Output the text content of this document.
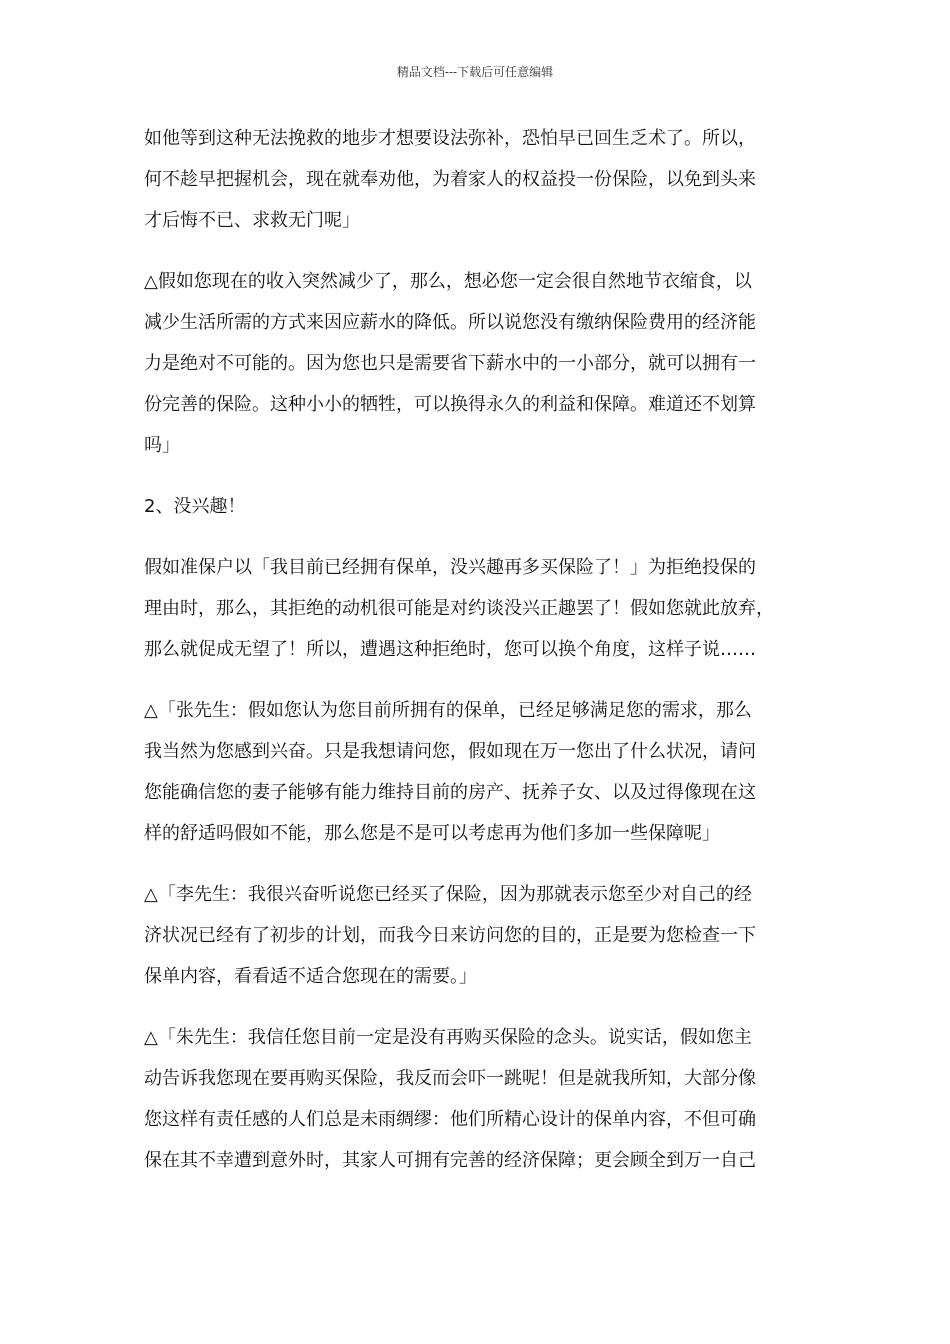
精品文档---下载后可任意编辑
如他等到这种无法挽救的地步才想要设法弥补，恐怕早已回生乏术了。所以，
何不趁早把握机会，现在就奉劝他，为着家人的权益投一份保险，以免到头来
才后悔不已、求救无门呢」
△假如您现在的收入突然减少了，那么，想必您一定会很自然地节衣缩食，以
减少生活所需的方式来因应薪水的降低。所以说您没有缴纳保险费用的经济能
力是绝对不可能的。因为您也只是需要省下薪水中的一小部分，就可以拥有一
份完善的保险。这种小小的牺牲，可以换得永久的利益和保障。难道还不划算
吗」
2、没兴趣！
假如准保户以「我目前已经拥有保单，没兴趣再多买保险了！」为拒绝投保的
理由时，那么，其拒绝的动机很可能是对约谈没兴正趣罢了！假如您就此放弃，
那么就促成无望了！所以，遭遇这种拒绝时，您可以换个角度，这样子说……
△「张先生：假如您认为您目前所拥有的保单，已经足够满足您的需求，那么
我当然为您感到兴奋。只是我想请问您，假如现在万一您出了什么状况，请问
您能确信您的妻子能够有能力维持目前的房产、抚养子女、以及过得像现在这
样的舒适吗假如不能，那么您是不是可以考虑再为他们多加一些保障呢」
△「李先生：我很兴奋听说您已经买了保险，因为那就表示您至少对自己的经
济状况已经有了初步的计划，而我今日来访问您的目的，正是要为您检查一下
保单内容，看看适不适合您现在的需要。」
△「朱先生：我信任您目前一定是没有再购买保险的念头。说实话，假如您主
动告诉我您现在要再购买保险，我反而会吓一跳呢！但是就我所知，大部分像
您这样有责任感的人们总是未雨绸缪：他们所精心设计的保单内容，不但可确
保在其不幸遭到意外时，其家人可拥有完善的经济保障；更会顾全到万一自己
